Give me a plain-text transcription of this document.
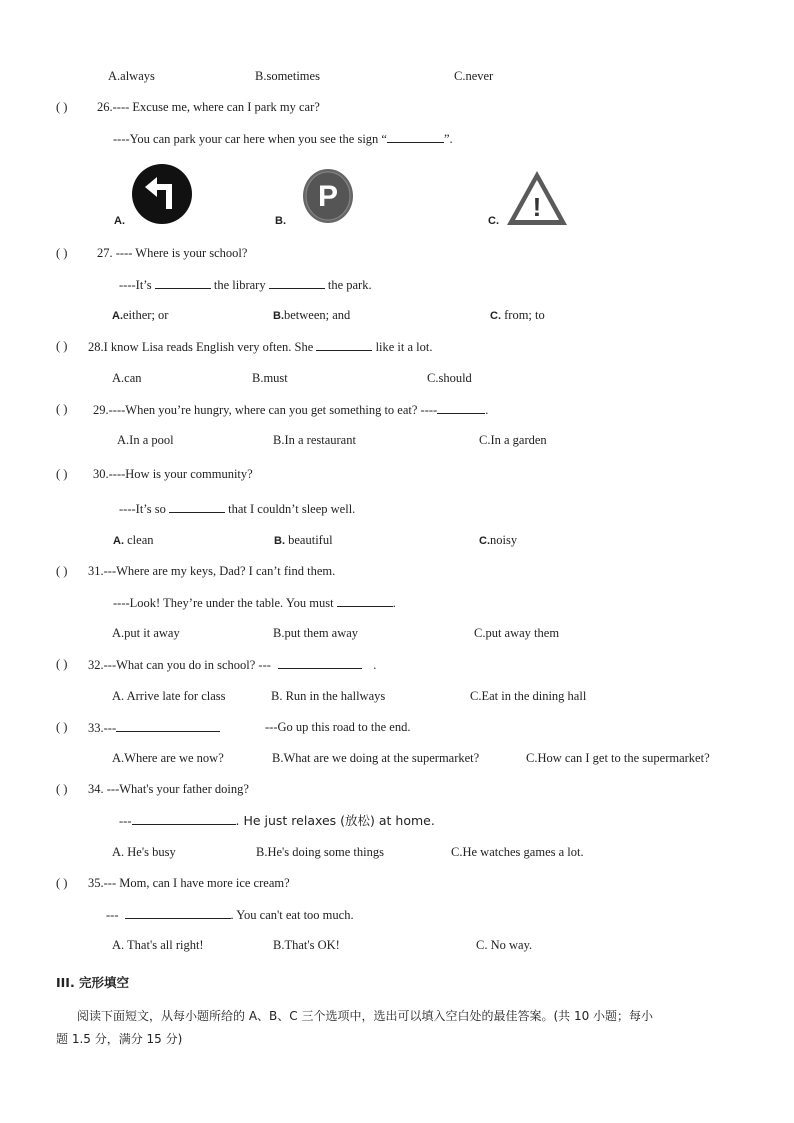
A.always	B.sometimes	C.never
( ) 26.---- Excuse me, where can I park my car?
----You can park your car here when you see the sign “	”.
A.	B.
P
C. !
( ) 27. ---- Where is your school?
----It’s	the library	the park.
A.either; or	B.between; and	C. from; to
( ) 28.I know Lisa reads English very often. She	like it a lot.
A.can	B.must	C.should
( ) 29.----When you’re hungry, where can you get something to eat? ----	.
A.In a pool	B.In a restaurant	C.In a garden
( ) 30.----How is your community?
----It’s so	that I couldn’t sleep well.
A. clean	B. beautiful	C.noisy
( ) 31.---Where are my keys, Dad? I can’t find them.
----Look! They’re under the table. You must	.
A.put it away	B.put them away	C.put away them
( ) 32.---What can you do in school? ---	.
A. Arrive late for class	B. Run in the hallways	C.Eat in the dining hall
( ) 33.---	---Go up this road to the end.
A.Where are we now?	B.What are we doing at the supermarket?	C.How can I get to the supermarket?
( ) 34. ---What's your father doing?
---	. He just relaxes (放松) at home.
A. He's busy	B.He's doing some things	C.He watches games a lot.
( ) 35.--- Mom, can I have more ice cream?
---	. You can't eat too much.
A. That's all right!	B.That's OK!	C. No way.
III. 完形填空
阅读下面短文，从每小题所给的 A、B、C 三个选项中，选出可以填入空白处的最佳答案。(共 10 小题；每小
题 1.5 分，满分 15 分)
